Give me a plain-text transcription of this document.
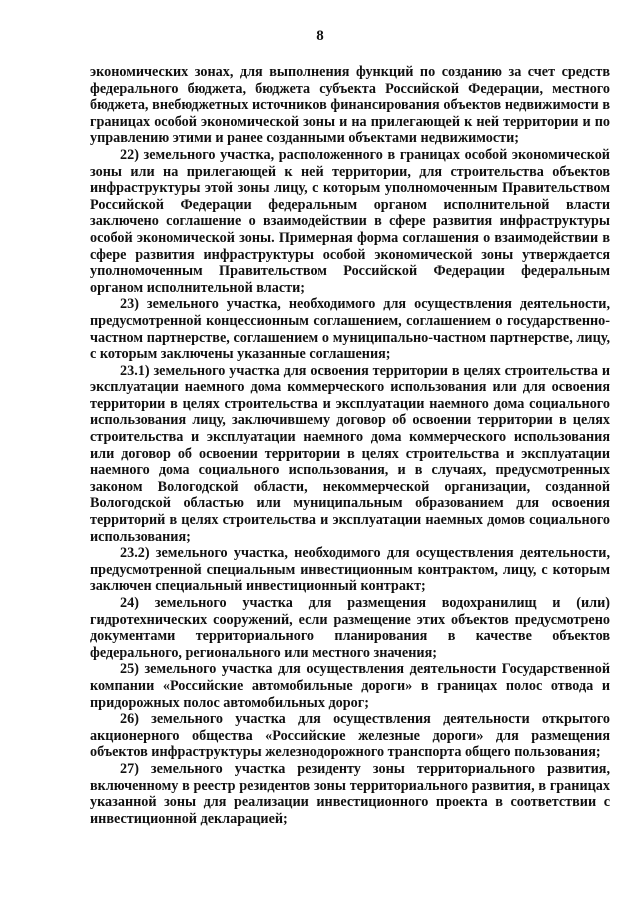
8

экономических зонах, для выполнения функций по созданию за счет средств федерального бюджета, бюджета субъекта Российской Федерации, местного бюджета, внебюджетных источников финансирования объектов недвижимости в границах особой экономической зоны и на прилегающей к ней территории и по управлению этими и ранее созданными объектами недвижимости;

22) земельного участка, расположенного в границах особой экономической зоны или на прилегающей к ней территории, для строительства объектов инфраструктуры этой зоны лицу, с которым уполномоченным Правительством Российской Федерации федеральным органом исполнительной власти заключено соглашение о взаимодействии в сфере развития инфраструктуры особой экономической зоны. Примерная форма соглашения о взаимодействии в сфере развития инфраструктуры особой экономической зоны утверждается уполномоченным Правительством Российской Федерации федеральным органом исполнительной власти;

23) земельного участка, необходимого для осуществления деятельности, предусмотренной концессионным соглашением, соглашением о государственно-частном партнерстве, соглашением о муниципально-частном партнерстве, лицу, с которым заключены указанные соглашения;

23.1) земельного участка для освоения территории в целях строительства и эксплуатации наемного дома коммерческого использования или для освоения территории в целях строительства и эксплуатации наемного дома социального использования лицу, заключившему договор об освоении территории в целях строительства и эксплуатации наемного дома коммерческого использования или договор об освоении территории в целях строительства и эксплуатации наемного дома социального использования, и в случаях, предусмотренных законом Вологодской области, некоммерческой организации, созданной Вологодской областью или муниципальным образованием для освоения территорий в целях строительства и эксплуатации наемных домов социального использования;

23.2) земельного участка, необходимого для осуществления деятельности, предусмотренной специальным инвестиционным контрактом, лицу, с которым заключен специальный инвестиционный контракт;

24) земельного участка для размещения водохранилищ и (или) гидротехнических сооружений, если размещение этих объектов предусмотрено документами территориального планирования в качестве объектов федерального, регионального или местного значения;

25) земельного участка для осуществления деятельности Государственной компании «Российские автомобильные дороги» в границах полос отвода и придорожных полос автомобильных дорог;

26) земельного участка для осуществления деятельности открытого акционерного общества «Российские железные дороги» для размещения объектов инфраструктуры железнодорожного транспорта общего пользования;

27) земельного участка резиденту зоны территориального развития, включенному в реестр резидентов зоны территориального развития, в границах указанной зоны для реализации инвестиционного проекта в соответствии с инвестиционной декларацией;
